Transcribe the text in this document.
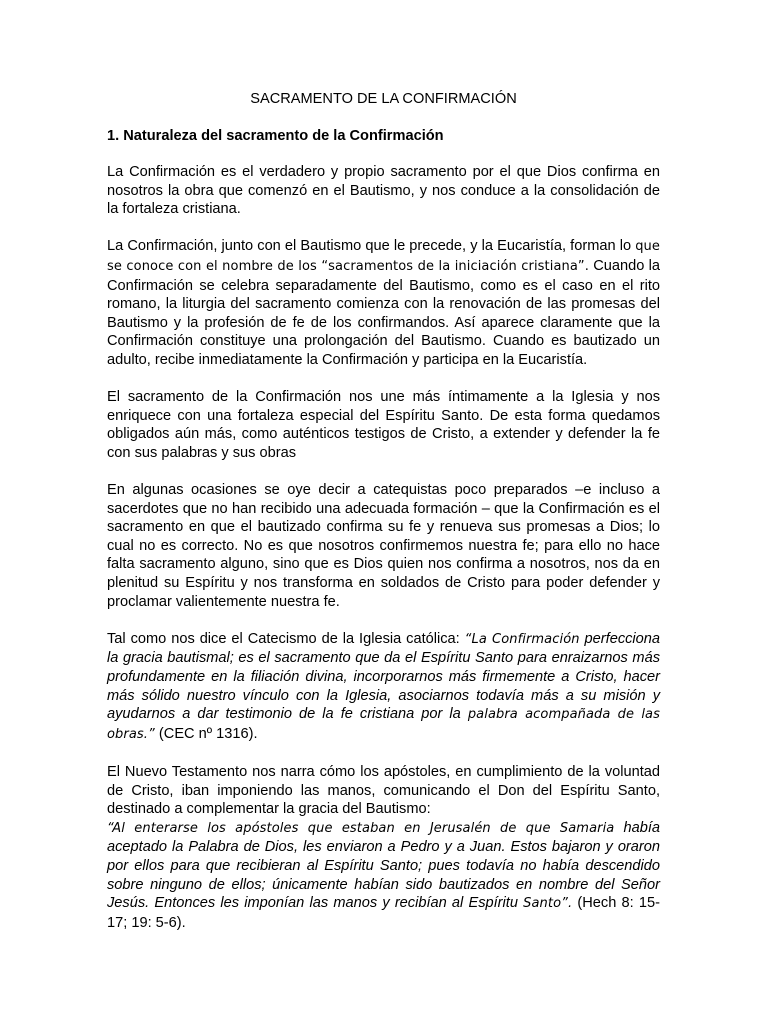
SACRAMENTO DE LA CONFIRMACIÓN
1. Naturaleza del sacramento de la Confirmación

La Confirmación es el verdadero y propio sacramento por el que Dios confirma en nosotros la obra que comenzó en el Bautismo, y nos conduce a la consolidación de la fortaleza cristiana.

La Confirmación, junto con el Bautismo que le precede, y la Eucaristía, forman lo que se conoce con el nombre de los “sacramentos de la iniciación cristiana”. Cuando la Confirmación se celebra separadamente del Bautismo, como es el caso en el rito romano, la liturgia del sacramento comienza con la renovación de las promesas del Bautismo y la profesión de fe de los confirmandos. Así aparece claramente que la Confirmación constituye una prolongación del Bautismo. Cuando es bautizado un adulto, recibe inmediatamente la Confirmación y participa en la Eucaristía.

El sacramento de la Confirmación nos une más íntimamente a la Iglesia y nos enriquece con una fortaleza especial del Espíritu Santo. De esta forma quedamos obligados aún más, como auténticos testigos de Cristo, a extender y defender la fe con sus palabras y sus obras

En algunas ocasiones se oye decir a catequistas poco preparados –e incluso a sacerdotes que no han recibido una adecuada formación – que la Confirmación es el sacramento en que el bautizado confirma su fe y renueva sus promesas a Dios; lo cual no es correcto. No es que nosotros confirmemos nuestra fe; para ello no hace falta sacramento alguno, sino que es Dios quien nos confirma a nosotros, nos da en plenitud su Espíritu y nos transforma en soldados de Cristo para poder defender y proclamar valientemente nuestra fe.

Tal como nos dice el Catecismo de la Iglesia católica: “La Confirmación perfecciona la gracia bautismal; es el sacramento que da el Espíritu Santo para enraizarnos más profundamente en la filiación divina, incorporarnos más firmemente a Cristo, hacer más sólido nuestro vínculo con la Iglesia, asociarnos todavía más a su misión y ayudarnos a dar testimonio de la fe cristiana por la palabra acompañada de las obras.” (CEC nº 1316).

El Nuevo Testamento nos narra cómo los apóstoles, en cumplimiento de la voluntad de Cristo, iban imponiendo las manos, comunicando el Don del Espíritu Santo, destinado a complementar la gracia del Bautismo:

“Al enterarse los apóstoles que estaban en Jerusalén de que Samaria había aceptado la Palabra de Dios, les enviaron a Pedro y a Juan. Estos bajaron y oraron por ellos para que recibieran al Espíritu Santo; pues todavía no había descendido sobre ninguno de ellos; únicamente habían sido bautizados en nombre del Señor Jesús. Entonces les imponían las manos y recibían al Espíritu Santo”. (Hech 8: 15-17; 19: 5-6).
